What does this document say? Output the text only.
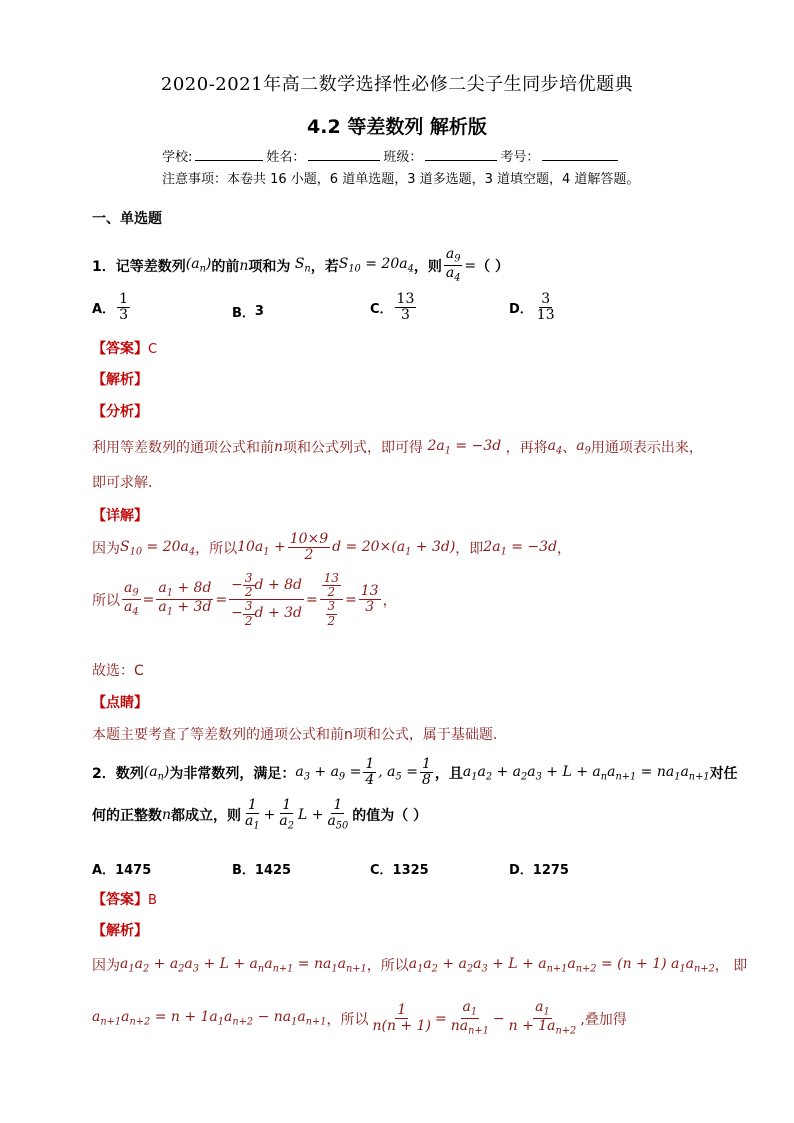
2020-2021年高二数学选择性必修二尖子生同步培优题典
4.2 等差数列 解析版
学校:	姓名：	班级：	考号：
注意事项：本卷共 16 小题，6 道单选题，3 道多选题，3 道填空题，4 道解答题。
一、单选题
1． 记等差数列 $(a_n)$ 的前 n 项和为 $S_n$ ，若 $S_{10} = 20a_4$ ，则 $\frac{a_9}{a_4}$ = （ ）
A． $\frac{1}{3}$	B． 3	C． $\frac{13}{3}$	D． $\frac{3}{13}$
【答案】C
【解析】
【分析】
利用等差数列的通项公式和前 n 项和公式列式，即可得 $2a_1 = -3d$ ，再将 $a_4$ 、 $a_9$ 用通项表示出来，
即可求解.
【详解】
因为 $S_{10} = 20a_4$ ，所以 $10a_1 + \frac{10\times 9}{2}$ $d = 20\times(a_1 + 3d)$ ，即 $2a_1 = -3d$ ，
所以 $\frac{a_9}{a_4} = \frac{a_1 + 8d}{a_1 + 3d} = \frac{- \frac{3}{2} d + 8d}{- \frac{3}{2} d + 3d} = \frac{\frac{13}{2}}{\frac{3}{2}} = \frac{13}{3}$ ，
故选：C
【点睛】
本题主要考查了等差数列的通项公式和前n项和公式，属于基础题.
2． 数列 $(a_n)$ 为非常数列，满足： $a_3 + a_9 = \frac{1}{4}$ , $a_5 = \frac{1}{8}$ ，且 $a_1a_2 + a_2a_3 + L + a_na_{n+1} = na_1a_{n+1}$ 对任
何的正整数 n 都成立，则 $\frac{1}{a_1} + \frac{1}{a_2}$ $L + \frac{1}{a_{50}}$ 的值为（ ）
A．1475	B．1425	C．1325	D．1275
【答案】B
【解析】
因为 $a_1a_2 + a_2a_3 + L + a_na_{n+1} = na_1a_{n+1}$ ，所以 $a_1a_2 + a_2a_3 + L + a_{n+1}a_{n+2} = (n + 1)$ $a_1a_{n+2}$ ， 即
$a_{n+1}a_{n+2} = n + 1a_1a_{n+2} - na_1a_{n+1}$ ，所以 $\frac{1}{n(n + 1)} = \frac{a_1}{na_{n+1}} - \frac{a_1}{n + 1a_{n+2}}$ ,叠加得
